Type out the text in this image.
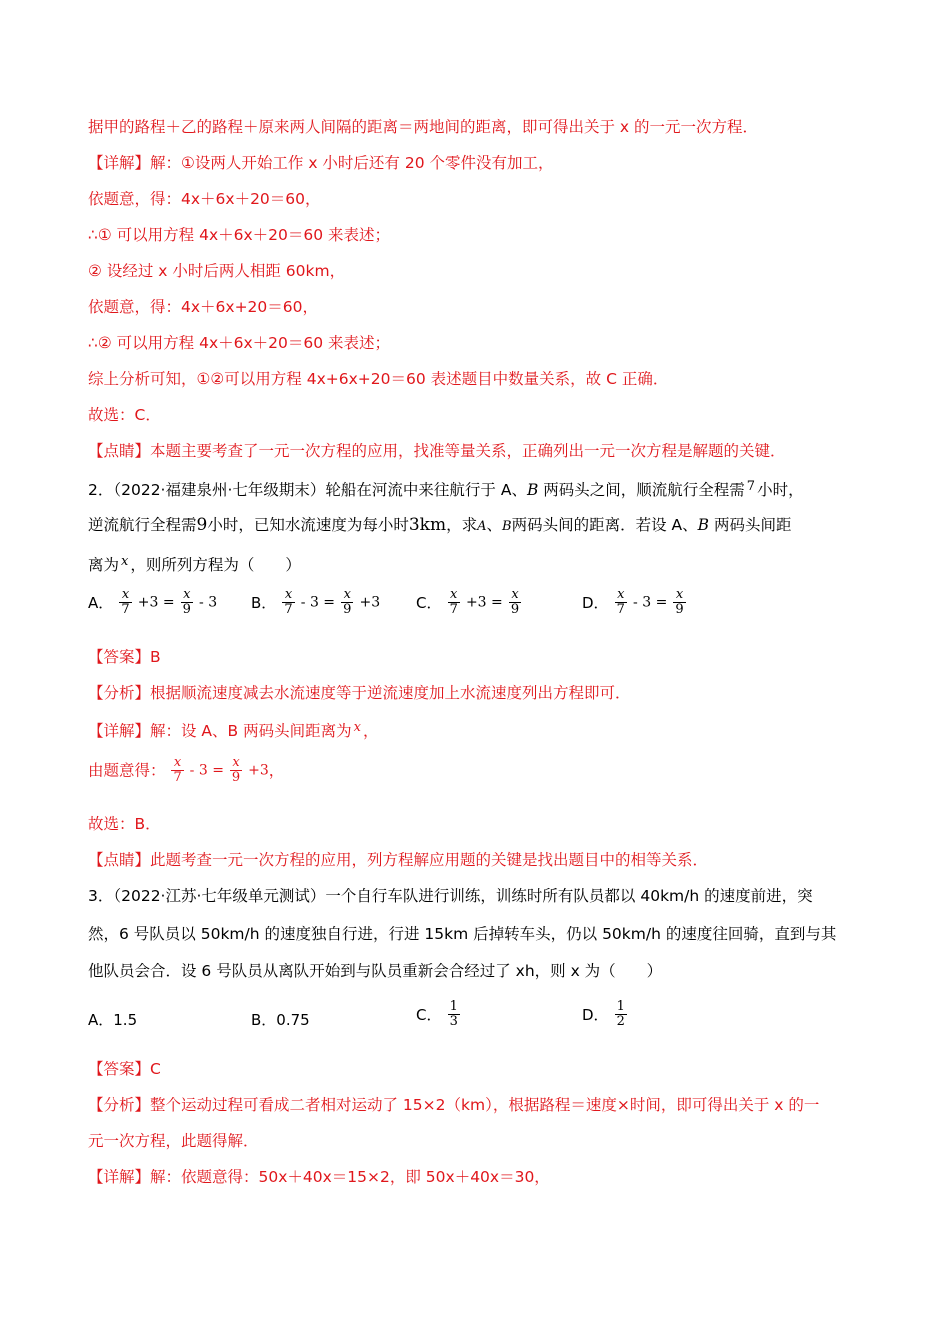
据甲的路程＋乙的路程＋原来两人间隔的距离＝两地间的距离，即可得出关于 x 的一元一次方程．
【详解】解：①设两人开始工作 x 小时后还有 20 个零件没有加工，
依题意，得：4x＋6x＋20＝60，
∴① 可以用方程 4x＋6x＋20＝60 来表述；
② 设经过 x 小时后两人相距 60km，
依题意，得：4x＋6x+20＝60，
∴② 可以用方程 4x＋6x＋20＝60 来表述；
综上分析可知，①②可以用方程 4x+6x+20＝60 表述题目中数量关系，故 C 正确．
故选：C．
【点睛】本题主要考查了一元一次方程的应用，找准等量关系，正确列出一元一次方程是解题的关键．
2．（2022·福建泉州·七年级期末）轮船在河流中来往航行于 A、B 两码头之间，顺流航行全程需 $^7$ 小时，
逆流航行全程需9小时，已知水流速度为每小时3km，求A、B两码头间的距离．若设 A、B 两码头间距
离为 $^x$ ，则所列方程为（　　）
A． $\frac{x}{7} +3 = \frac{x}{9} - 3$ B． $\frac{x}{7} - 3 = \frac{x}{9} +3$ C． $\frac{x}{7} +3 = \frac{x}{9}$	D． $\frac{x}{7} - 3 = \frac{x}{9}$
【答案】B
【分析】根据顺流速度减去水流速度等于逆流速度加上水流速度列出方程即可．
【详解】解：设 A、B 两码头间距离为 $^x$ ，
由题意得： $\frac{x}{7} - 3 = \frac{x}{9} +3$，
故选：B．
【点睛】此题考查一元一次方程的应用，列方程解应用题的关键是找出题目中的相等关系．
3．（2022·江苏·七年级单元测试）一个自行车队进行训练，训练时所有队员都以 40km/h 的速度前进，突
然，6 号队员以 50km/h 的速度独自行进，行进 15km 后掉转车头，仍以 50km/h 的速度往回骑，直到与其
他队员会合．设 6 号队员从离队开始到与队员重新会合经过了 xh，则 x 为（　　）
A．1.5	B．0.75	C． $\frac{1}{3}$	D． $\frac{1}{2}$
【答案】C
【分析】整个运动过程可看成二者相对运动了 15×2（km），根据路程＝速度×时间，即可得出关于 x 的一
元一次方程，此题得解．
【详解】解：依题意得：50x＋40x＝15×2，即 50x＋40x＝30，
